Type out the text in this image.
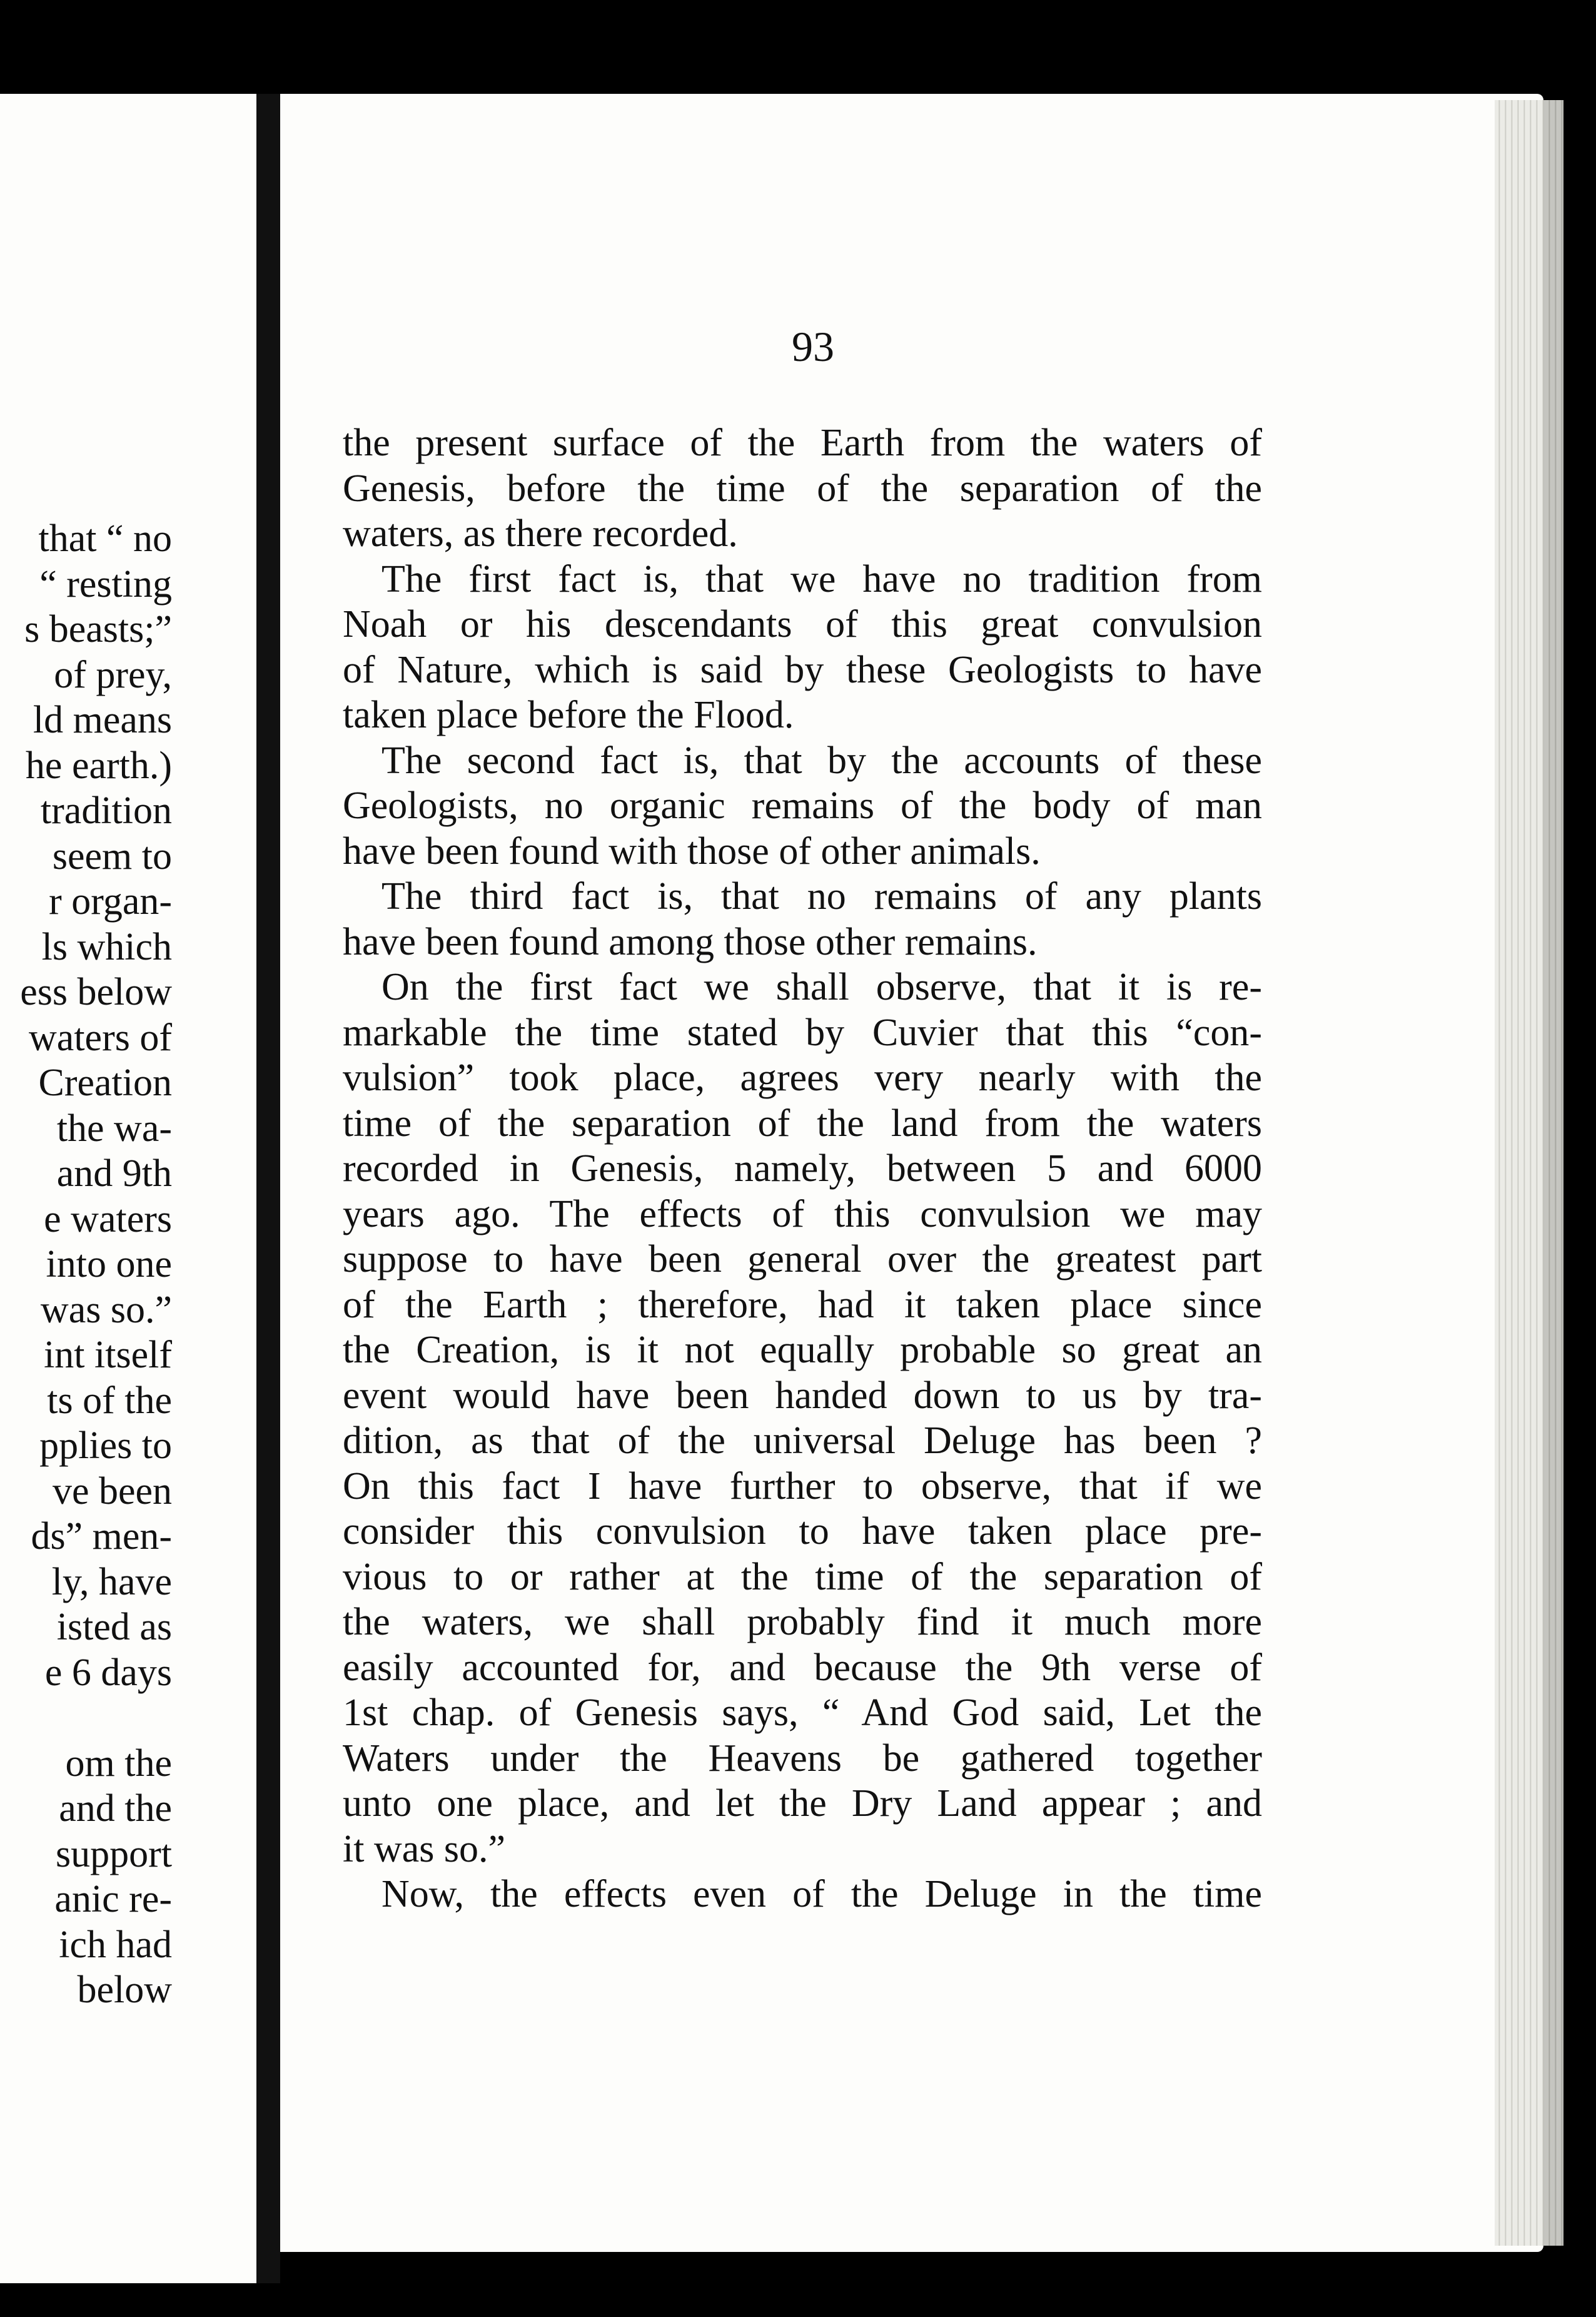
that “ no
“ resting
s beasts;”
of prey,
ld means
he earth.)
tradition
seem to
r organ-
ls which
ess below
waters of
Creation
the wa-
and 9th
e waters
into one
was so.”
int itself
ts of the
pplies to
ve been
ds” men-
ly, have
isted as
e 6 days
om the
and the
support
anic re-
ich had
below
93
the present surface of the Earth from the waters of
Genesis, before the time of the separation of the
waters, as there recorded.
The first fact is, that we have no tradition from
Noah or his descendants of this great convulsion
of Nature, which is said by these Geologists to have
taken place before the Flood.
The second fact is, that by the accounts of these
Geologists, no organic remains of the body of man
have been found with those of other animals.
The third fact is, that no remains of any plants
have been found among those other remains.
On the first fact we shall observe, that it is re-
markable the time stated by Cuvier that this “con-
vulsion” took place, agrees very nearly with the
time of the separation of the land from the waters
recorded in Genesis, namely, between 5 and 6000
years ago. The effects of this convulsion we may
suppose to have been general over the greatest part
of the Earth ; therefore, had it taken place since
the Creation, is it not equally probable so great an
event would have been handed down to us by tra-
dition, as that of the universal Deluge has been ?
On this fact I have further to observe, that if we
consider this convulsion to have taken place pre-
vious to or rather at the time of the separation of
the waters, we shall probably find it much more
easily accounted for, and because the 9th verse of
1st chap. of Genesis says, “ And God said, Let the
Waters under the Heavens be gathered together
unto one place, and let the Dry Land appear ; and
it was so.”
Now, the effects even of the Deluge in the time
